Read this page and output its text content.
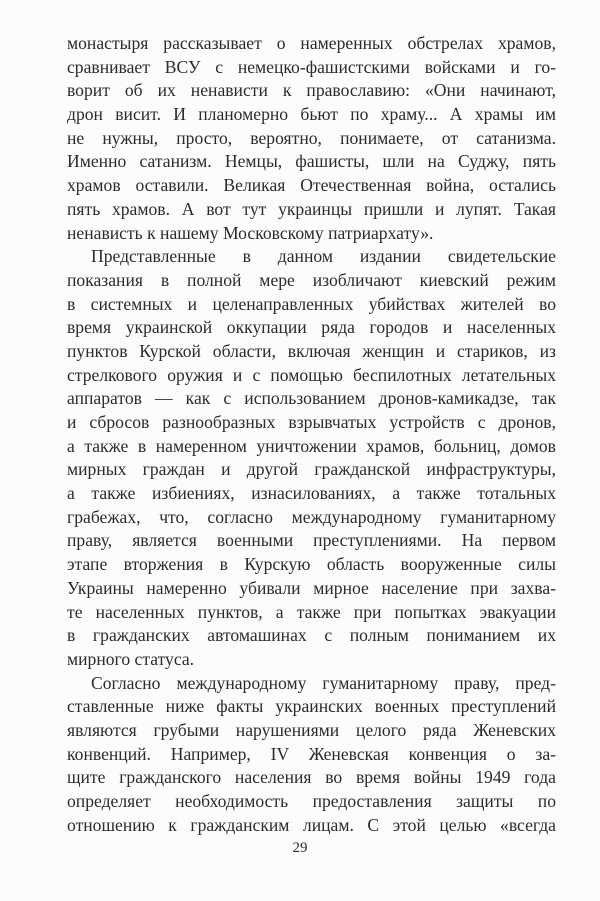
монастыря рассказывает о намеренных обстрелах храмов,
сравнивает ВСУ с немецко-фашистскими войсками и го-
ворит об их ненависти к православию: «Они начинают,
дрон висит. И планомерно бьют по храму... А храмы им
не нужны, просто, вероятно, понимаете, от сатанизма.
Именно сатанизм. Немцы, фашисты, шли на Суджу, пять
храмов оставили. Великая Отечественная война, остались
пять храмов. А вот тут украинцы пришли и лупят. Такая
ненависть к нашему Московскому патриархату».
Представленные в данном издании свидетельские
показания в полной мере изобличают киевский режим
в системных и целенаправленных убийствах жителей во
время украинской оккупации ряда городов и населенных
пунктов Курской области, включая женщин и стариков, из
стрелкового оружия и с помощью беспилотных летательных
аппаратов — как с использованием дронов-камикадзе, так
и сбросов разнообразных взрывчатых устройств с дронов,
а также в намеренном уничтожении храмов, больниц, домов
мирных граждан и другой гражданской инфраструктуры,
а также избиениях, изнасилованиях, а также тотальных
грабежах, что, согласно международному гуманитарному
праву, является военными преступлениями. На первом
этапе вторжения в Курскую область вооруженные силы
Украины намеренно убивали мирное население при захва-
те населенных пунктов, а также при попытках эвакуации
в гражданских автомашинах с полным пониманием их
мирного статуса.
Согласно международному гуманитарному праву, пред-
ставленные ниже факты украинских военных преступлений
являются грубыми нарушениями целого ряда Женевских
конвенций. Например, IV Женевская конвенция о за-
щите гражданского населения во время войны 1949 года
определяет необходимость предоставления защиты по
отношению к гражданским лицам. С этой целью «всегда
29
